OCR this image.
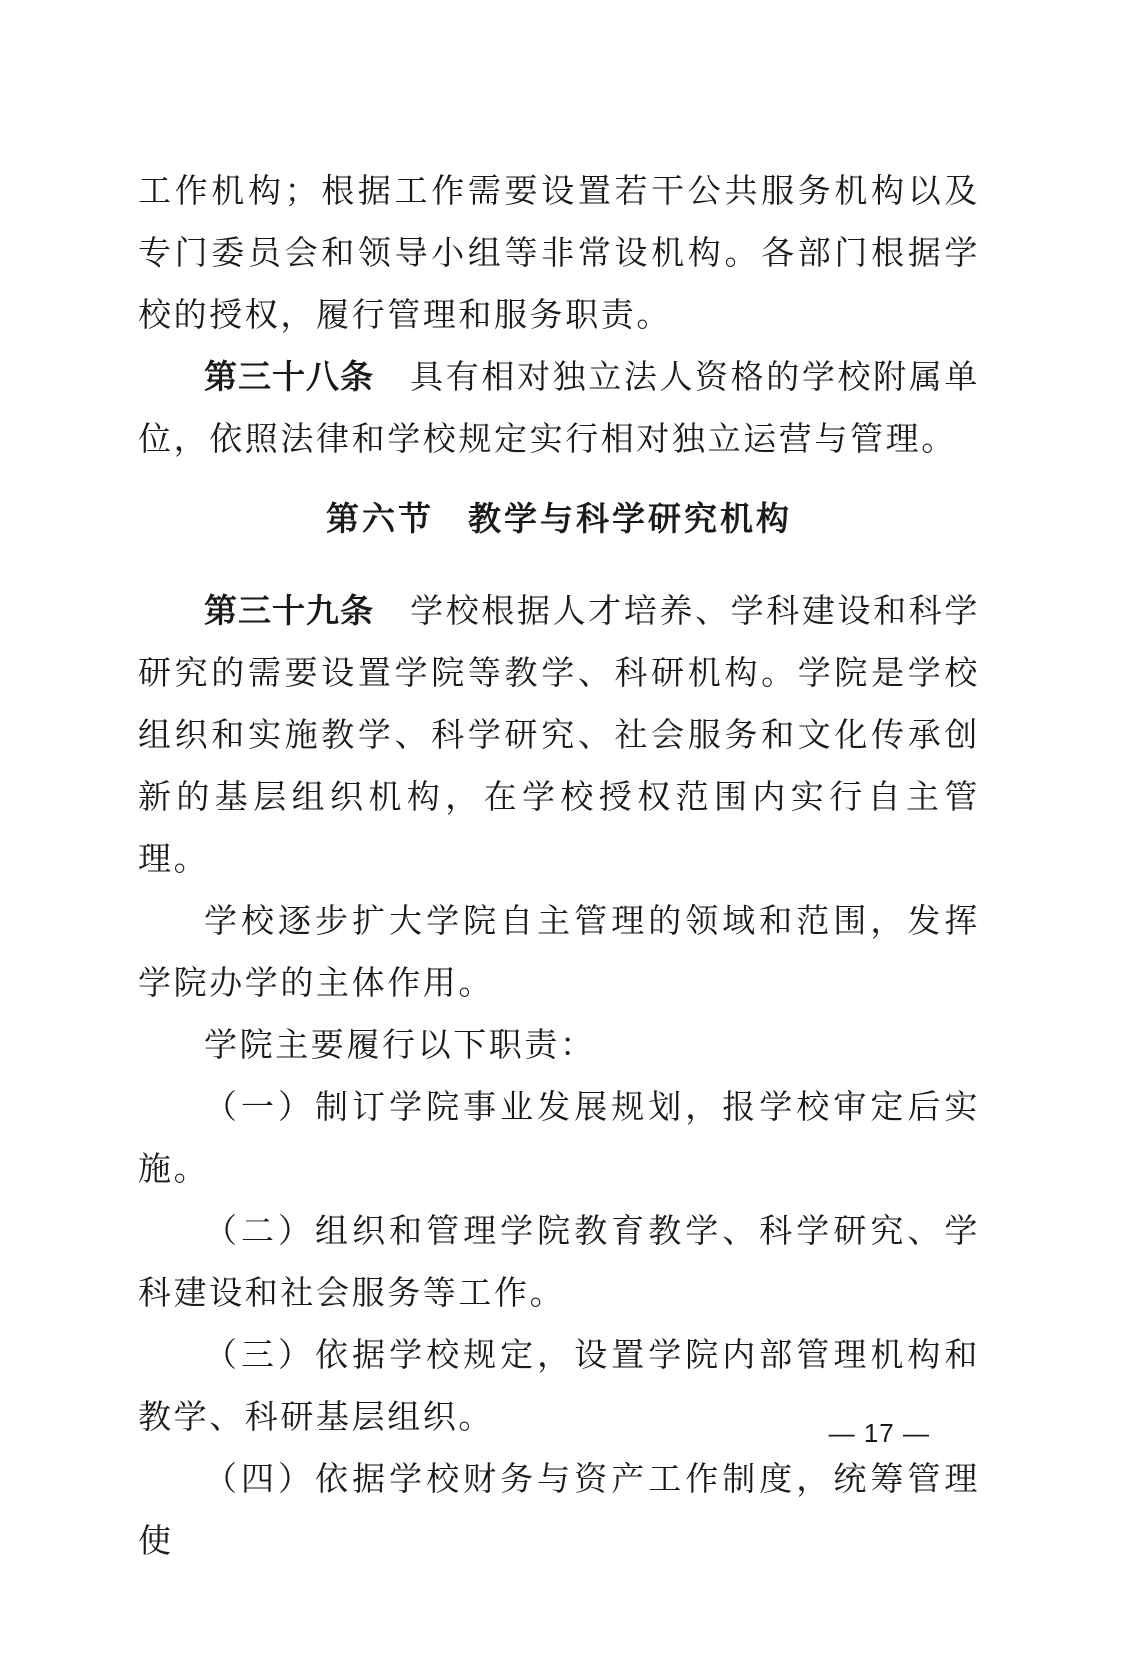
工作机构；根据工作需要设置若干公共服务机构以及专门委员会和领导小组等非常设机构。各部门根据学校的授权，履行管理和服务职责。

第三十八条 具有相对独立法人资格的学校附属单位，依照法律和学校规定实行相对独立运营与管理。

第六节 教学与科学研究机构

第三十九条 学校根据人才培养、学科建设和科学研究的需要设置学院等教学、科研机构。学院是学校组织和实施教学、科学研究、社会服务和文化传承创新的基层组织机构，在学校授权范围内实行自主管理。

学校逐步扩大学院自主管理的领域和范围，发挥学院办学的主体作用。

学院主要履行以下职责：

（一）制订学院事业发展规划，报学校审定后实施。

（二）组织和管理学院教育教学、科学研究、学科建设和社会服务等工作。

（三）依据学校规定，设置学院内部管理机构和教学、科研基层组织。

（四）依据学校财务与资产工作制度，统筹管理使

— 17 —
